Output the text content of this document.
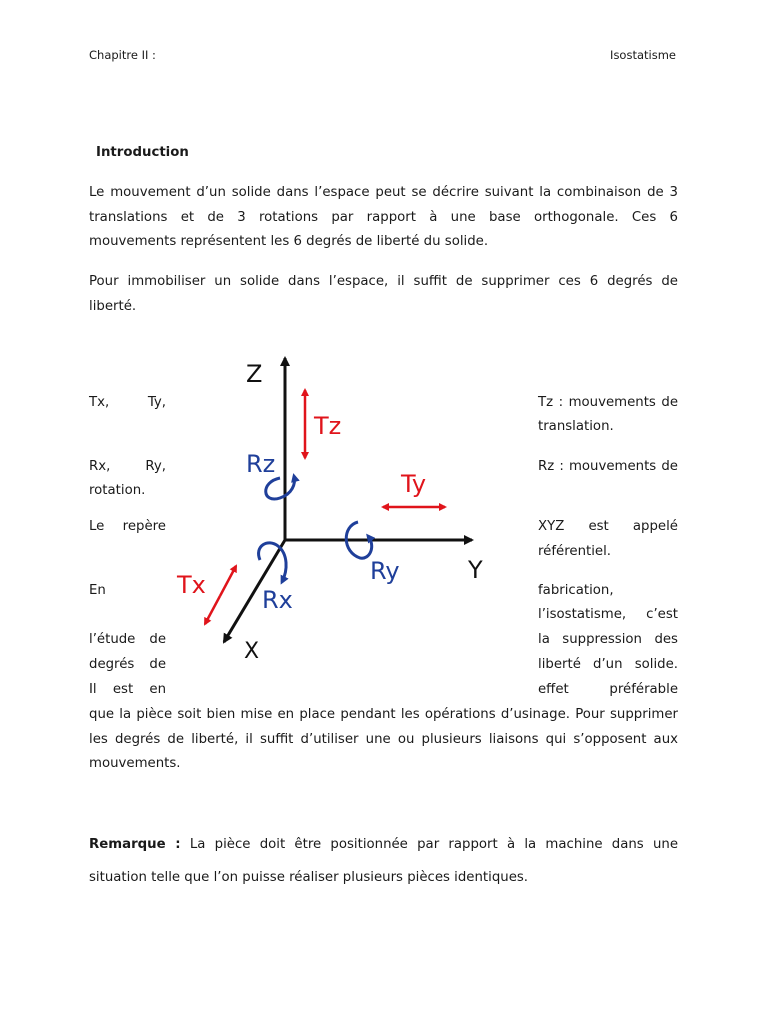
Chapitre II :	Isostatisme
Introduction
Le mouvement d’un solide dans l’espace peut se décrire suivant la combinaison de 3
translations et de 3 rotations par rapport à une base orthogonale. Ces 6
mouvements représentent les 6 degrés de liberté du solide.
Pour immobiliser un solide dans l’espace, il suffit de supprimer ces 6 degrés de
liberté.
Tx,	Ty,
Rx,	Ry,
rotation.
Le repère
En
l’étude de
degrés de
Il est en
Tz : mouvements de
translation.
Rz : mouvements de
XYZ est appelé
référentiel.
fabrication,
l’isostatisme, c’est
la suppression des
liberté d’un solide.
effet	préférable
que la pièce soit bien mise en place pendant les opérations d’usinage. Pour supprimer
les degrés de liberté, il suffit d’utiliser une ou plusieurs liaisons qui s’opposent aux
mouvements.
Remarque : La pièce doit être positionnée par rapport à la machine dans une
situation telle que l’on puisse réaliser plusieurs pièces identiques.
Z
Y
X
Tz
Ty
Tx
Rz
Ry
Rx
